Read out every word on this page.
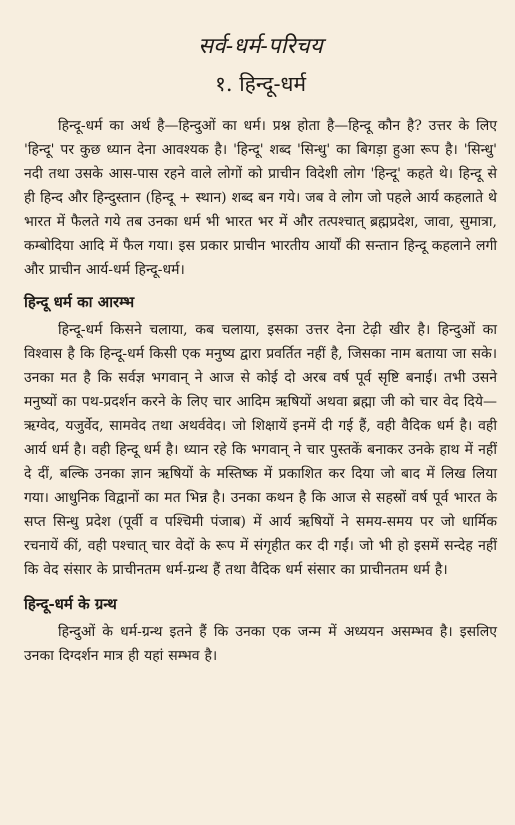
सर्व-धर्म-परिचय
१. हिन्दू-धर्म

हिन्दू-धर्म का अर्थ है—हिन्दुओं का धर्म। प्रश्न होता है—हिन्दू कौन है? उत्तर के लिए 'हिन्दू' पर कुछ ध्यान देना आवश्यक है। 'हिन्दू' शब्द 'सिन्धु' का बिगड़ा हुआ रूप है। 'सिन्धु' नदी तथा उसके आस-पास रहने वाले लोगों को प्राचीन विदेशी लोग 'हिन्दू' कहते थे। हिन्दू से ही हिन्द और हिन्दुस्तान (हिन्दू + स्थान) शब्द बन गये। जब वे लोग जो पहले आर्य कहलाते थे भारत में फैलते गये तब उनका धर्म भी भारत भर में और तत्पश्चात् ब्रह्मप्रदेश, जावा, सुमात्रा, कम्बोदिया आदि में फैल गया। इस प्रकार प्राचीन भारतीय आर्यों की सन्तान हिन्दू कहलाने लगी और प्राचीन आर्य-धर्म हिन्दू-धर्म।

हिन्दू धर्म का आरम्भ

हिन्दू-धर्म किसने चलाया, कब चलाया, इसका उत्तर देना टेढ़ी खीर है। हिन्दुओं का विश्वास है कि हिन्दू-धर्म किसी एक मनुष्य द्वारा प्रवर्तित नहीं है, जिसका नाम बताया जा सके। उनका मत है कि सर्वज्ञ भगवान् ने आज से कोई दो अरब वर्ष पूर्व सृष्टि बनाई। तभी उसने मनुष्यों का पथ-प्रदर्शन करने के लिए चार आदिम ऋषियों अथवा ब्रह्मा जी को चार वेद दिये—ऋग्वेद, यजुर्वेद, सामवेद तथा अथर्ववेद। जो शिक्षायें इनमें दी गई हैं, वही वैदिक धर्म है। वही आर्य धर्म है। वही हिन्दू धर्म है। ध्यान रहे कि भगवान् ने चार पुस्तकें बनाकर उनके हाथ में नहीं दे दीं, बल्कि उनका ज्ञान ऋषियों के मस्तिष्क में प्रकाशित कर दिया जो बाद में लिख लिया गया। आधुनिक विद्वानों का मत भिन्न है। उनका कथन है कि आज से सहस्रों वर्ष पूर्व भारत के सप्त सिन्धु प्रदेश (पूर्वी व पश्चिमी पंजाब) में आर्य ऋषियों ने समय-समय पर जो धार्मिक रचनायें कीं, वही पश्चात् चार वेदों के रूप में संगृहीत कर दी गईं। जो भी हो इसमें सन्देह नहीं कि वेद संसार के प्राचीनतम धर्म-ग्रन्थ हैं तथा वैदिक धर्म संसार का प्राचीनतम धर्म है।

हिन्दू-धर्म के ग्रन्थ

हिन्दुओं के धर्म-ग्रन्थ इतने हैं कि उनका एक जन्म में अध्ययन असम्भव है। इसलिए उनका दिग्दर्शन मात्र ही यहां सम्भव है।
